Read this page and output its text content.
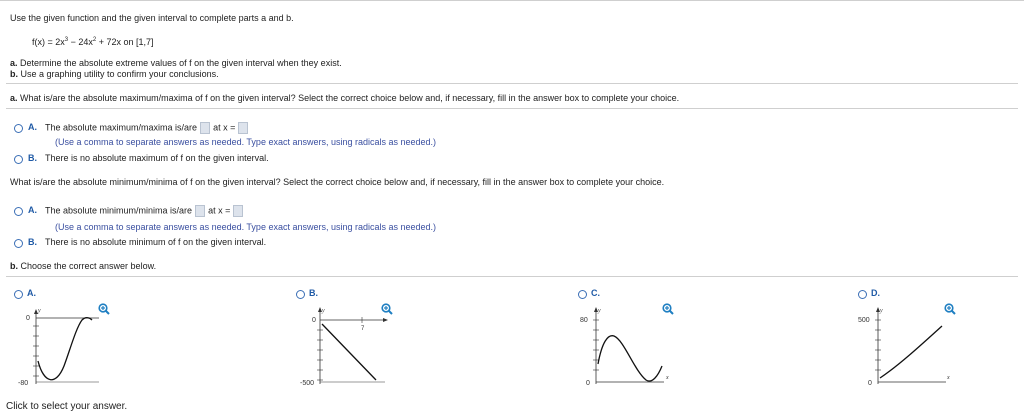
Use the given function and the given interval to complete parts a and b.
$f(x) = 2x^3 - 24x^2 + 72x$ on [1,7]
a. Determine the absolute extreme values of f on the given interval when they exist.
b. Use a graphing utility to confirm your conclusions.
a. What is/are the absolute maximum/maxima of f on the given interval? Select the correct choice below and, if necessary, fill in the answer box to complete your choice.
A. The absolute maximum/maxima is/are at x =
(Use a comma to separate answers as needed. Type exact answers, using radicals as needed.)
B. There is no absolute maximum of f on the given interval.
What is/are the absolute minimum/minima of f on the given interval? Select the correct choice below and, if necessary, fill in the answer box to complete your choice.
A. The absolute minimum/minima is/are at x =
(Use a comma to separate answers as needed. Type exact answers, using radicals as needed.)
B. There is no absolute minimum of f on the given interval.
b. Choose the correct answer below.
A.
0
-80
y
B.
0
-500
7
y
C.
80
0
y
x
D.
500
0
y
x
Click to select your answer.
